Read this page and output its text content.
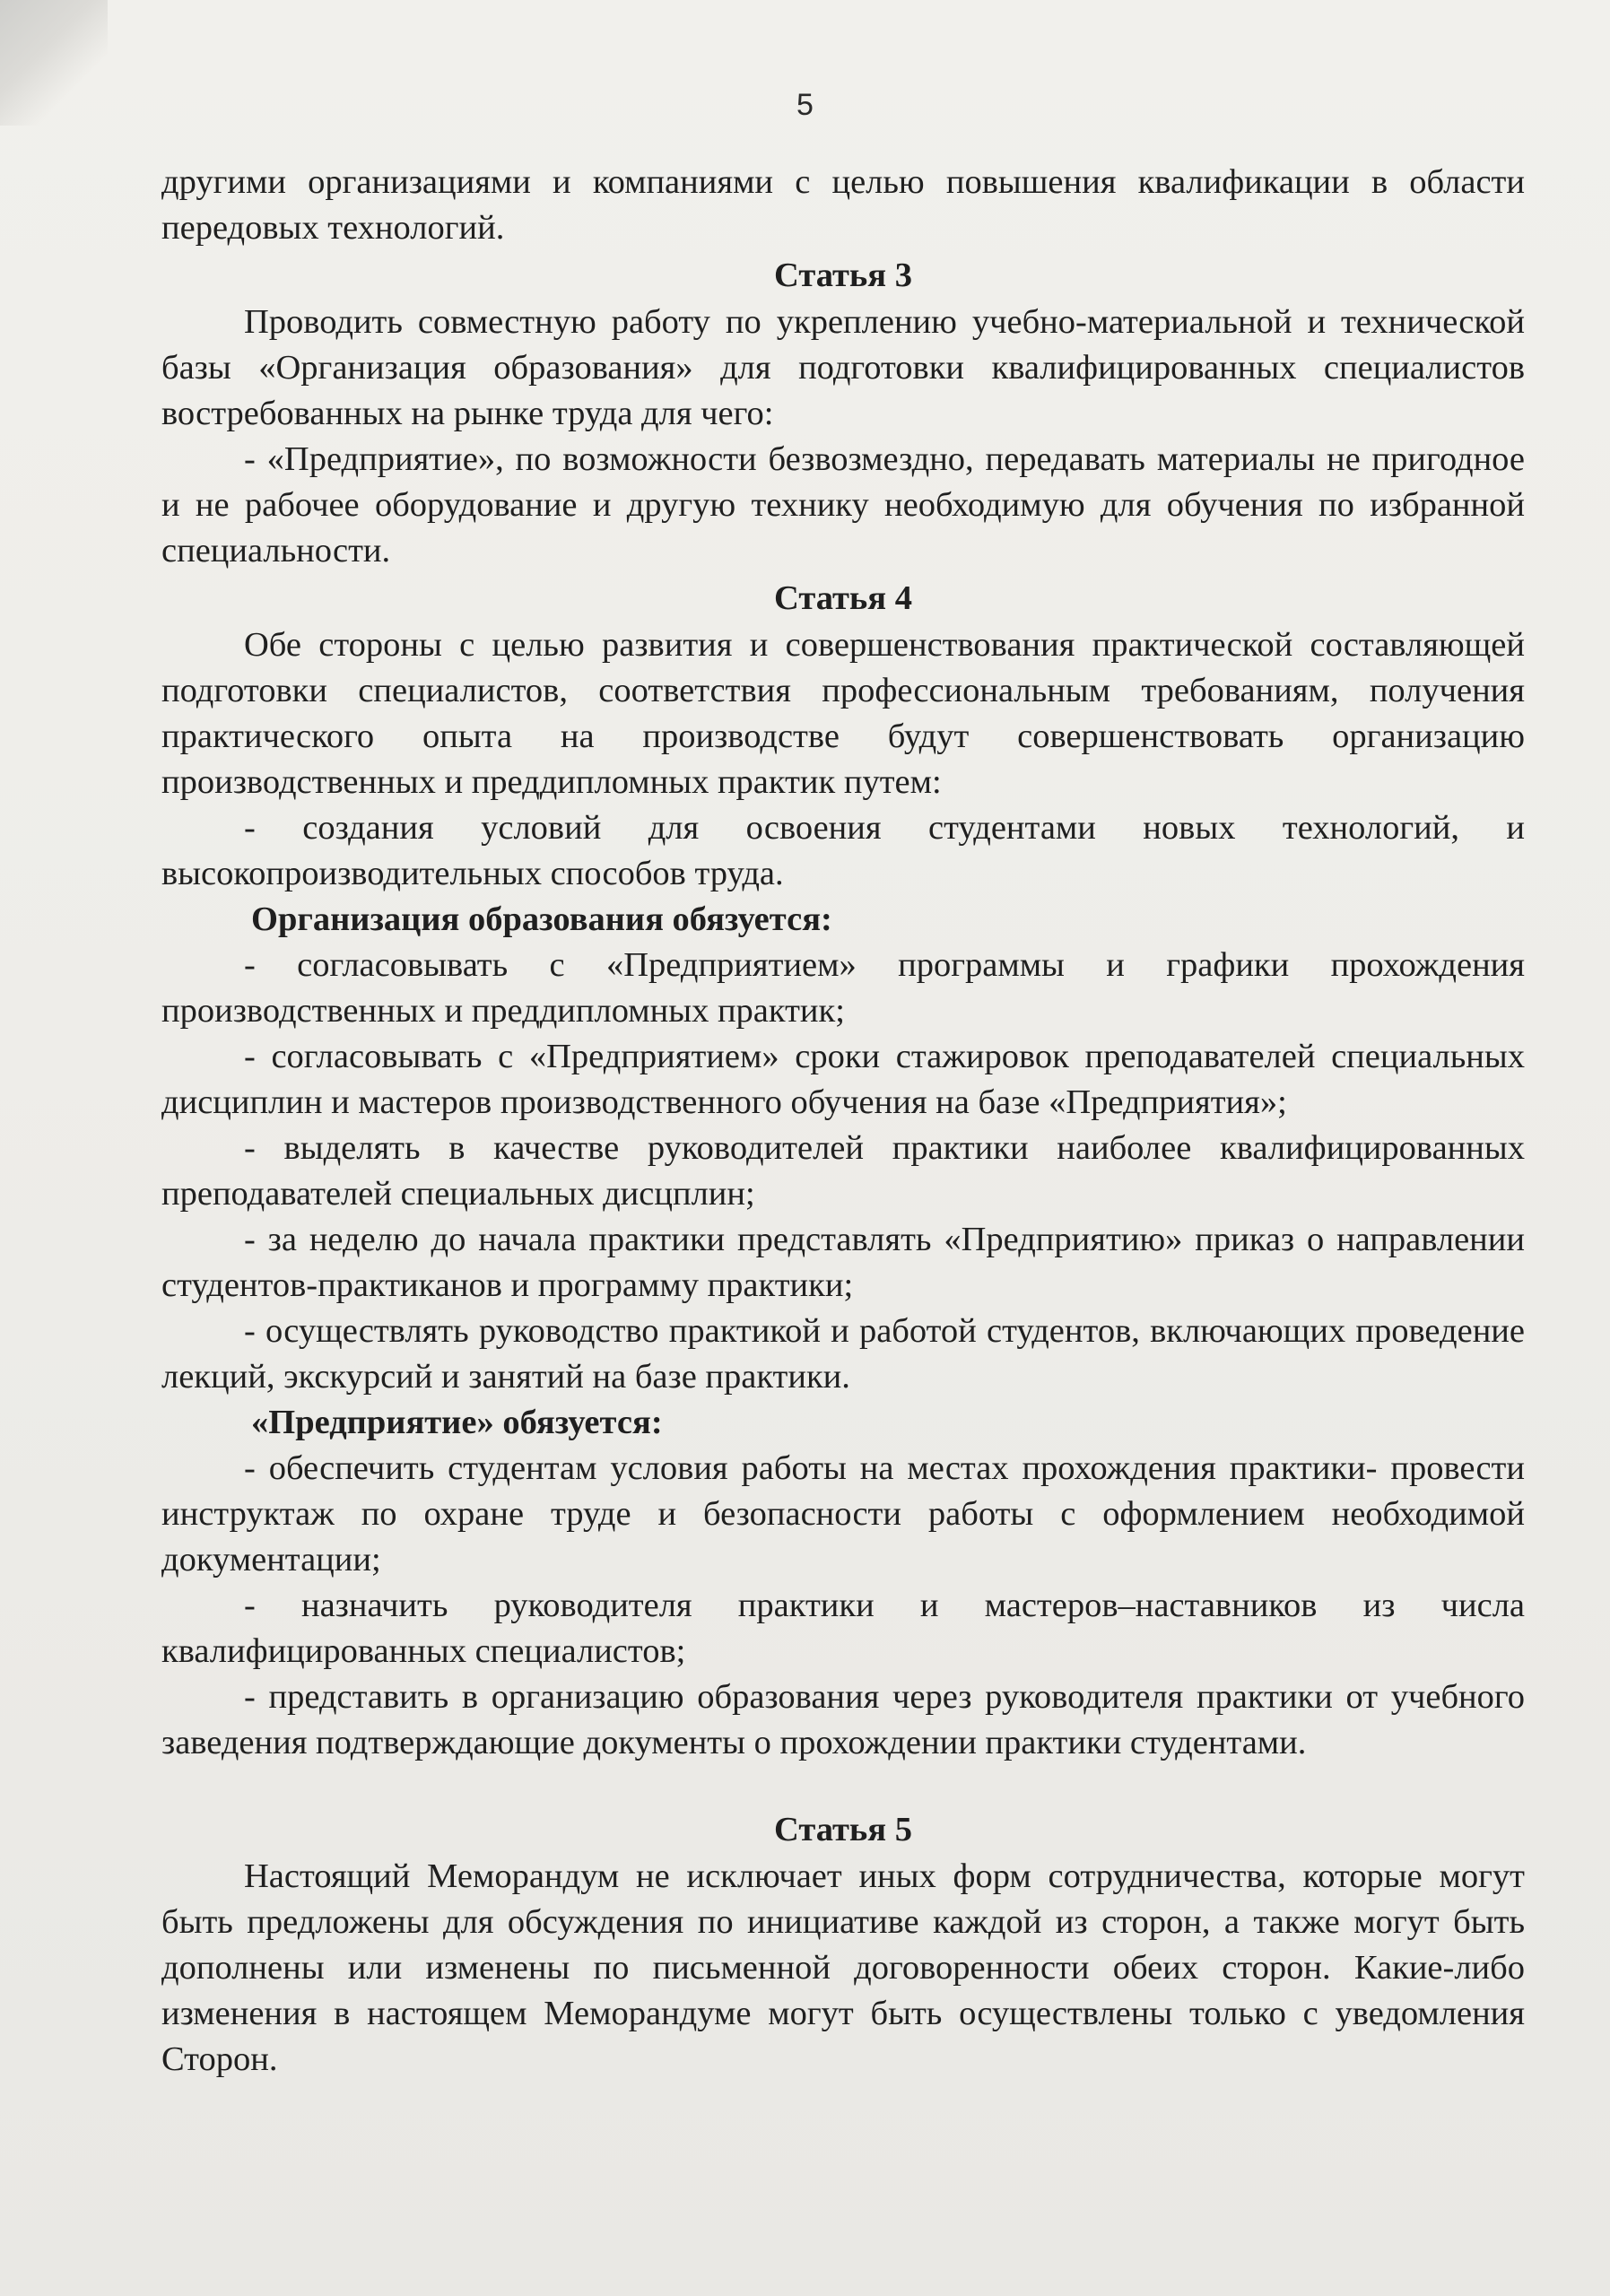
5

другими организациями и компаниями с целью повышения квалификации в области передовых технологий.

Статья 3

Проводить совместную работу по укреплению учебно-материальной и технической базы «Организация образования» для подготовки квалифицированных специалистов востребованных на рынке труда для чего:

- «Предприятие», по возможности безвозмездно, передавать материалы не пригодное и не рабочее оборудование и другую технику необходимую для обучения по избранной специальности.

Статья 4

Обе стороны с целью развития и совершенствования практической составляющей подготовки специалистов, соответствия профессиональным требованиям, получения практического опыта на производстве будут совершенствовать организацию производственных и преддипломных практик путем:

- создания условий для освоения студентами новых технологий, и высокопроизводительных способов труда.

Организация образования обязуется:

- согласовывать с «Предприятием» программы и графики прохождения производственных и преддипломных практик;

- согласовывать с «Предприятием» сроки стажировок преподавателей специальных дисциплин и мастеров производственного обучения на базе «Предприятия»;

- выделять в качестве руководителей практики наиболее квалифицированных преподавателей специальных дисцплин;

- за неделю до начала практики представлять «Предприятию» приказ о направлении студентов-практиканов и программу практики;

- осуществлять руководство практикой и работой студентов, включающих проведение лекций, экскурсий и занятий на базе практики.

«Предприятие» обязуется:

- обеспечить студентам условия работы на местах прохождения практики- провести инструктаж по охране труде и безопасности работы с оформлением необходимой документации;

- назначить руководителя практики и мастеров–наставников из числа квалифицированных специалистов;

- представить в организацию образования через руководителя практики от учебного заведения подтверждающие документы о прохождении практики студентами.

Статья 5

Настоящий Меморандум не исключает иных форм сотрудничества, которые могут быть предложены для обсуждения по инициативе каждой из сторон, а также могут быть дополнены или изменены по письменной договоренности обеих сторон. Какие-либо изменения в настоящем Меморандуме могут быть осуществлены только с уведомления Сторон.
